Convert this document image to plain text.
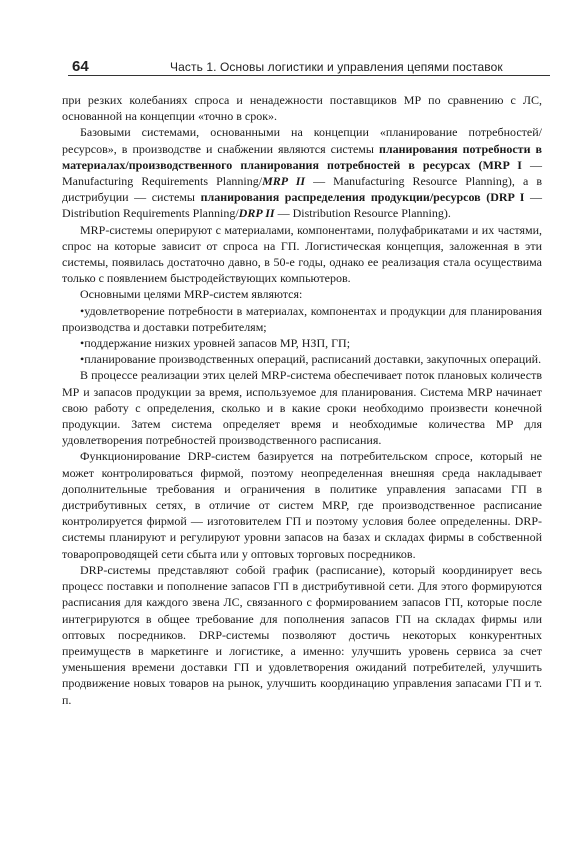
64	Часть 1. Основы логистики и управления цепями поставок

при резких колебаниях спроса и ненадежности поставщиков МР по сравнению с ЛС, основанной на концепции «точно в срок».

Базовыми системами, основанными на концепции «планирование потребностей/ ресурсов», в производстве и снабжении являются системы планирования потребности в материалах/производственного планирования потребностей в ресурсах (MRP I — Manufacturing Requirements Planning/MRP II — Manufacturing Resource Planning), а в дистрибуции — системы планирования распределения продукции/ресурсов (DRP I — Distribution Requirements Planning/DRP II — Distribution Resource Planning).

MRP-системы оперируют с материалами, компонентами, полуфабрикатами и их частями, спрос на которые зависит от спроса на ГП. Логистическая концепция, заложенная в эти системы, появилась достаточно давно, в 50-е годы, однако ее реализация стала осуществима только с появлением быстродействующих компьютеров.

Основными целями MRP-систем являются:

•удовлетворение потребности в материалах, компонентах и продукции для планирования производства и доставки потребителям;

•поддержание низких уровней запасов МР, НЗП, ГП;

•планирование производственных операций, расписаний доставки, закупочных операций.

В процессе реализации этих целей MRP-система обеспечивает поток плановых количеств МР и запасов продукции за время, используемое для планирования. Система MRP начинает свою работу с определения, сколько и в какие сроки необходимо произвести конечной продукции. Затем система определяет время и необходимые количества МР для удовлетворения потребностей производственного расписания.

Функционирование DRP-систем базируется на потребительском спросе, который не может контролироваться фирмой, поэтому неопределенная внешняя среда накладывает дополнительные требования и ограничения в политике управления запасами ГП в дистрибутивных сетях, в отличие от систем MRP, где производственное расписание контролируется фирмой — изготовителем ГП и поэтому условия более определенны. DRP-системы планируют и регулируют уровни запасов на базах и складах фирмы в собственной товаропроводящей сети сбыта или у оптовых торговых посредников.

DRP-системы представляют собой график (расписание), который координирует весь процесс поставки и пополнение запасов ГП в дистрибутивной сети. Для этого формируются расписания для каждого звена ЛС, связанного с формированием запасов ГП, которые после интегрируются в общее требование для пополнения запасов ГП на складах фирмы или оптовых посредников. DRP-системы позволяют достичь некоторых конкурентных преимуществ в маркетинге и логистике, а именно: улучшить уровень сервиса за счет уменьшения времени доставки ГП и удовлетворения ожиданий потребителей, улучшить продвижение новых товаров на рынок, улучшить координацию управления запасами ГП и т. п.
